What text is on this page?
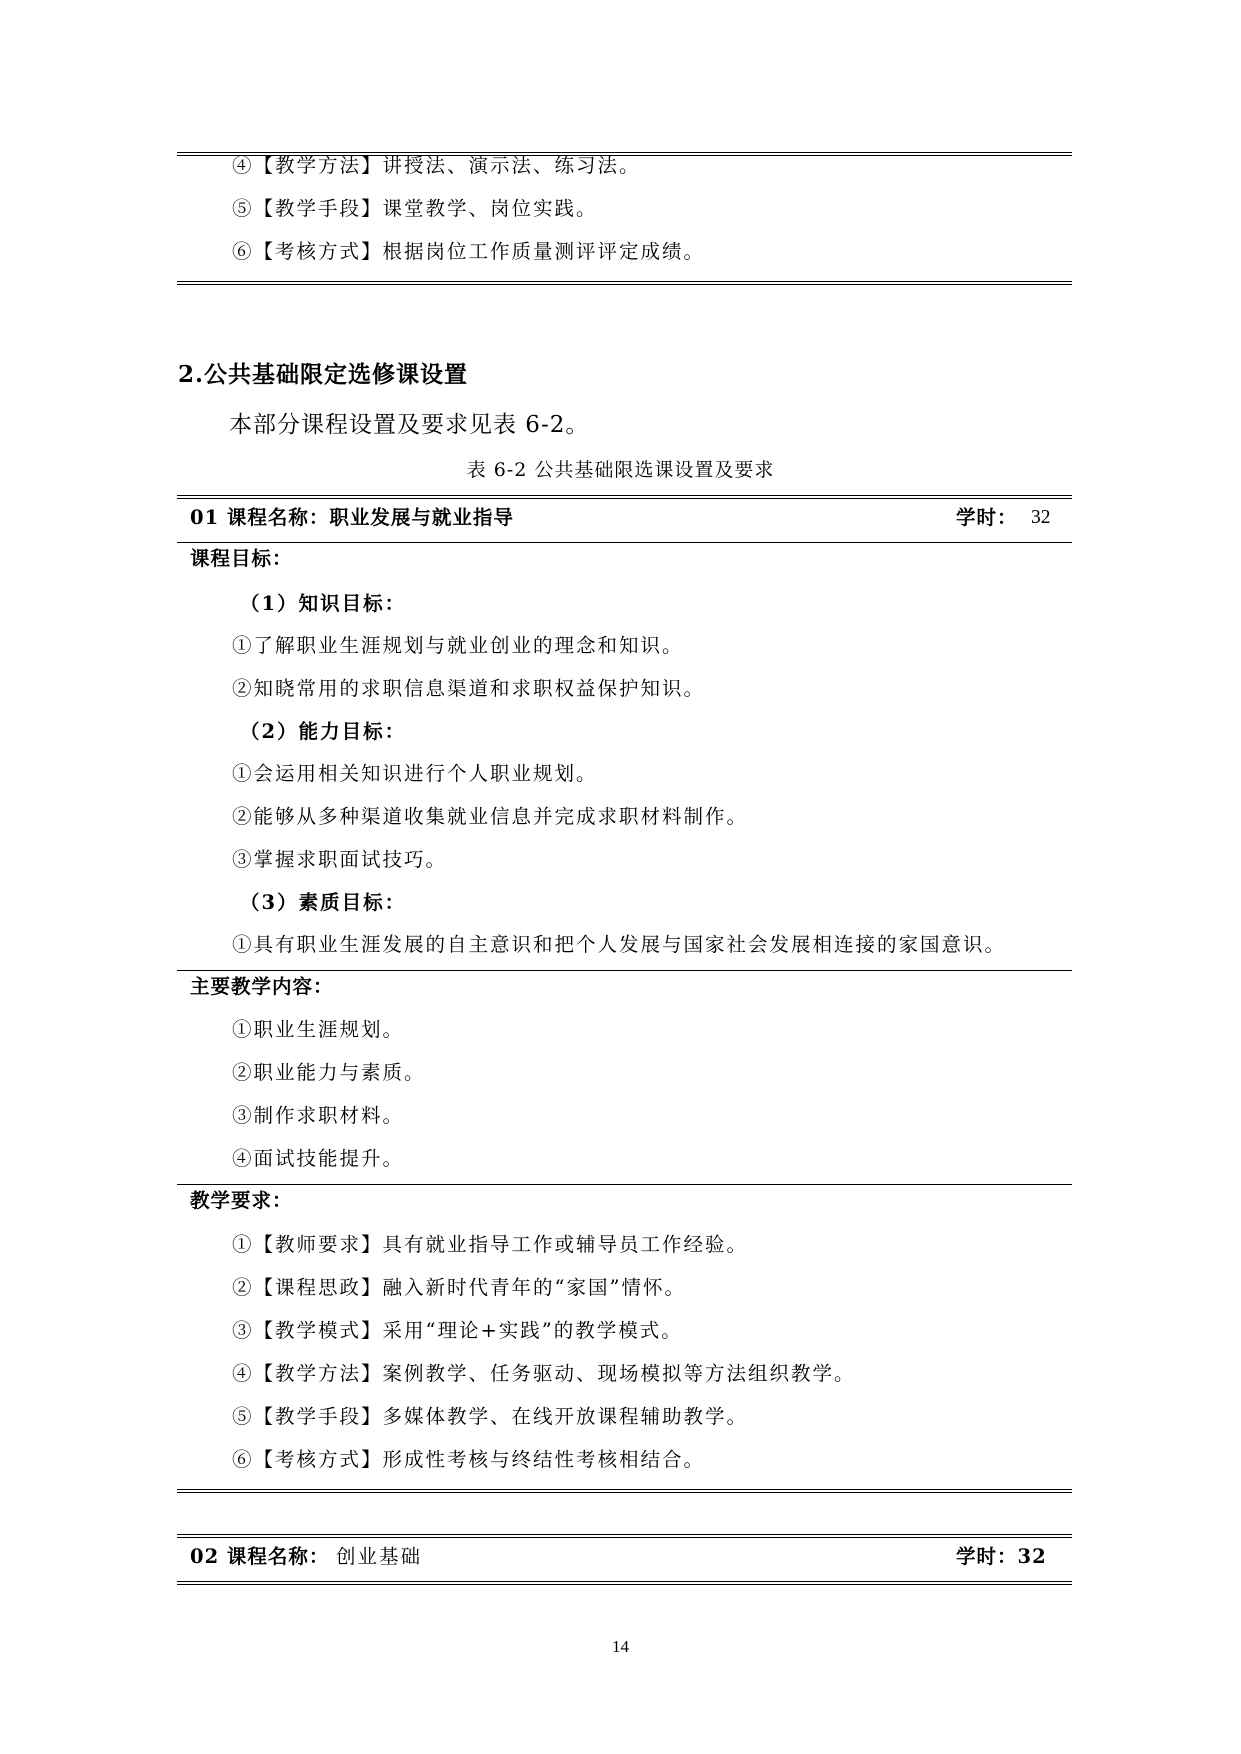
④【教学方法】讲授法、演示法、练习法。
⑤【教学手段】课堂教学、岗位实践。
⑥【考核方式】根据岗位工作质量测评评定成绩。
2.公共基础限定选修课设置
本部分课程设置及要求见表 6-2。
表 6-2 公共基础限选课设置及要求
01 课程名称：职业发展与就业指导	学时： 32
课程目标：
（1）知识目标：
①了解职业生涯规划与就业创业的理念和知识。
②知晓常用的求职信息渠道和求职权益保护知识。
（2）能力目标：
①会运用相关知识进行个人职业规划。
②能够从多种渠道收集就业信息并完成求职材料制作。
③掌握求职面试技巧。
（3）素质目标：
①具有职业生涯发展的自主意识和把个人发展与国家社会发展相连接的家国意识。
主要教学内容：
①职业生涯规划。
②职业能力与素质。
③制作求职材料。
④面试技能提升。
教学要求：
①【教师要求】具有就业指导工作或辅导员工作经验。
②【课程思政】融入新时代青年的“家国”情怀。
③【教学模式】采用“理论+实践”的教学模式。
④【教学方法】案例教学、任务驱动、现场模拟等方法组织教学。
⑤【教学手段】多媒体教学、在线开放课程辅助教学。
⑥【考核方式】形成性考核与终结性考核相结合。
02 课程名称： 创业基础	学时：32
14
